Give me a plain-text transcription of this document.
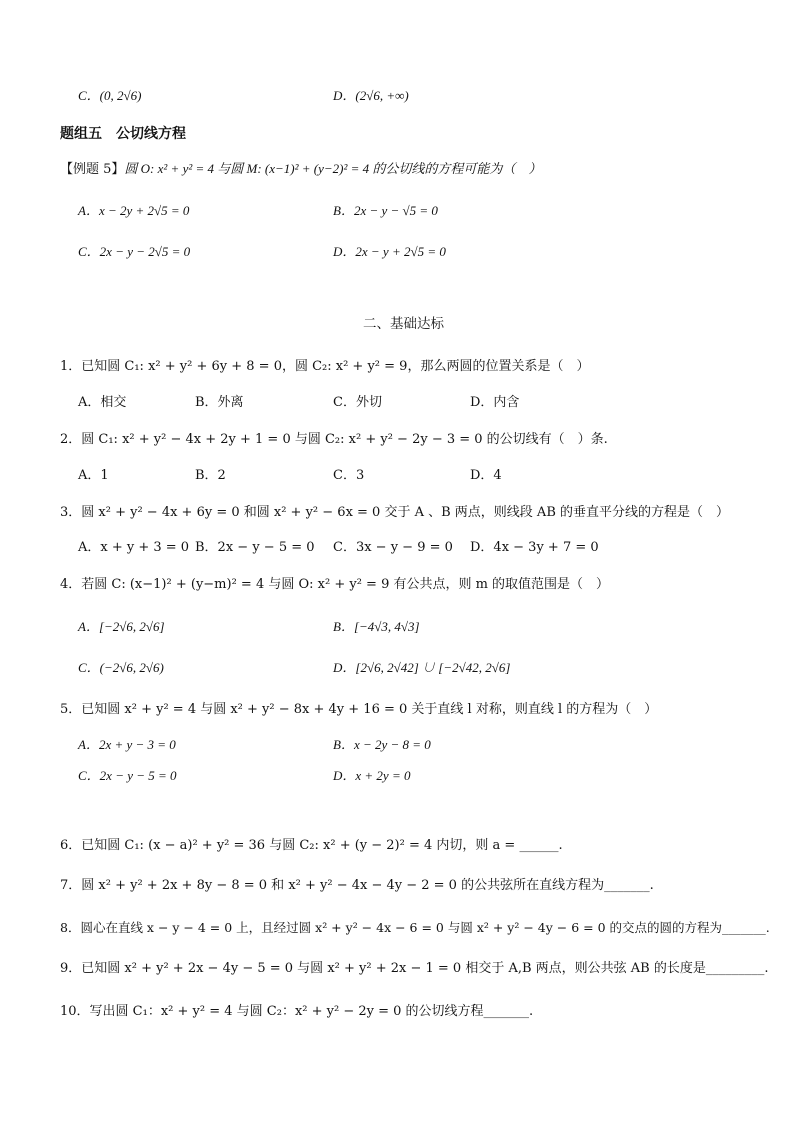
C．(0, 2√6)	D．(2√6, +∞)
题组五　公切线方程
【例题 5】圆 O: x² + y² = 4 与圆 M: (x−1)² + (y−2)² = 4 的公切线的方程可能为（　）
A．x − 2y + 2√5 = 0	B．2x − y − √5 = 0
C．2x − y − 2√5 = 0	D．2x − y + 2√5 = 0
二、基础达标
1．已知圆 C₁: x² + y² + 6y + 8 = 0，圆 C₂: x² + y² = 9，那么两圆的位置关系是（　）
A．相交	B．外离	C．外切	D．内含
2．圆 C₁: x² + y² − 4x + 2y + 1 = 0 与圆 C₂: x² + y² − 2y − 3 = 0 的公切线有（　）条.
A．1	B．2	C．3	D．4
3．圆 x² + y² − 4x + 6y = 0 和圆 x² + y² − 6x = 0 交于 A 、B 两点，则线段 AB 的垂直平分线的方程是（　）
A．x + y + 3 = 0 B．2x − y − 5 = 0 C．3x − y − 9 = 0 D．4x − 3y + 7 = 0
4．若圆 C: (x−1)² + (y−m)² = 4 与圆 O: x² + y² = 9 有公共点，则 m 的取值范围是（　）
A．[−2√6, 2√6]	B．[−4√3, 4√3]
C．(−2√6, 2√6)	D．[2√6, 2√42] ∪ [−2√42, 2√6]
5．已知圆 x² + y² = 4 与圆 x² + y² − 8x + 4y + 16 = 0 关于直线 l 对称，则直线 l 的方程为（　）
A．2x + y − 3 = 0	B．x − 2y − 8 = 0
C．2x − y − 5 = 0	D．x + 2y = 0
6．已知圆 C₁: (x − a)² + y² = 36 与圆 C₂: x² + (y − 2)² = 4 内切，则 a = ______.
7．圆 x² + y² + 2x + 8y − 8 = 0 和 x² + y² − 4x − 4y − 2 = 0 的公共弦所在直线方程为_______.
8．圆心在直线 x − y − 4 = 0 上，且经过圆 x² + y² − 4x − 6 = 0 与圆 x² + y² − 4y − 6 = 0 的交点的圆的方程为_______.
9．已知圆 x² + y² + 2x − 4y − 5 = 0 与圆 x² + y² + 2x − 1 = 0 相交于 A,B 两点，则公共弦 AB 的长度是_________.
10．写出圆 C₁：x² + y² = 4 与圆 C₂：x² + y² − 2y = 0 的公切线方程_______.
